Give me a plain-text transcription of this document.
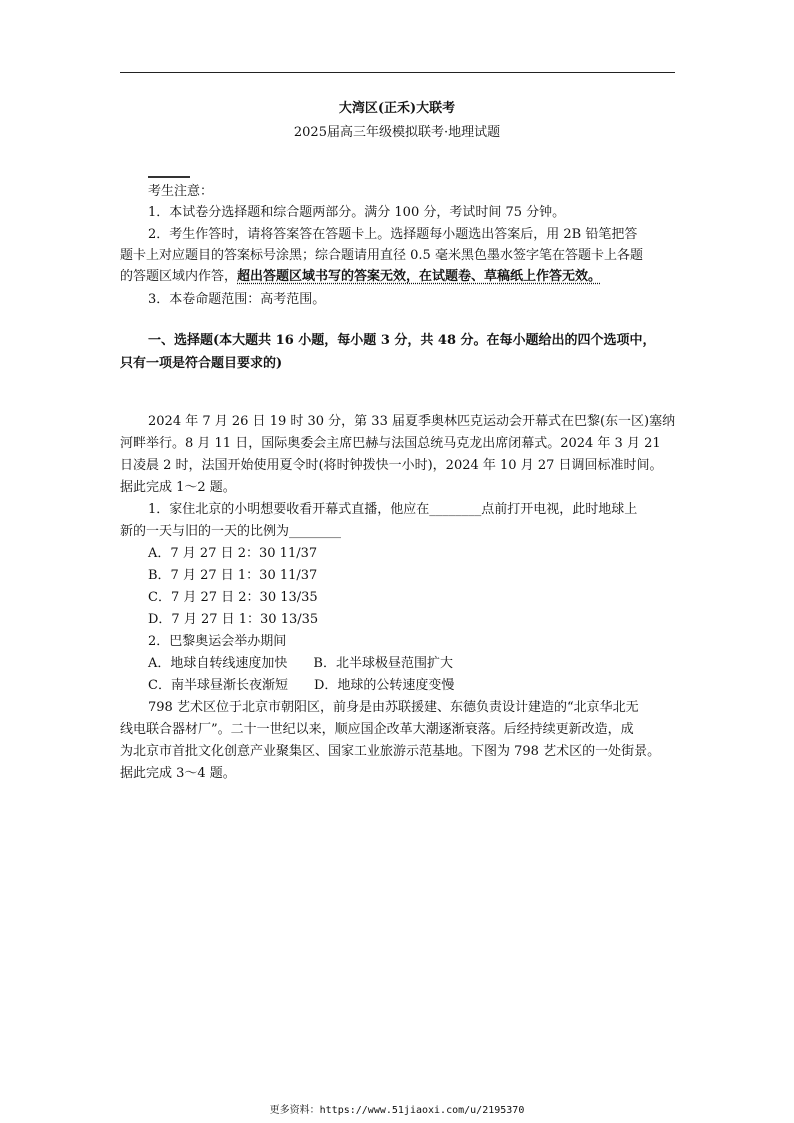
大湾区(正禾)大联考
2025届高三年级模拟联考·地理试题
考生注意：
1．本试卷分选择题和综合题两部分。满分 100 分，考试时间 75 分钟。
2．考生作答时，请将答案答在答题卡上。选择题每小题选出答案后，用 2B 铅笔把答
题卡上对应题目的答案标号涂黑；综合题请用直径 0.5 毫米黑色墨水签字笔在答题卡上各题
的答题区域内作答，超出答题区域书写的答案无效，在试题卷、草稿纸上作答无效。
3．本卷命题范围：高考范围。
一、选择题(本大题共 16 小题，每小题 3 分，共 48 分。在每小题给出的四个选项中，
只有一项是符合题目要求的)
2024 年 7 月 26 日 19 时 30 分，第 33 届夏季奥林匹克运动会开幕式在巴黎(东一区)塞纳
河畔举行。8 月 11 日，国际奥委会主席巴赫与法国总统马克龙出席闭幕式。2024 年 3 月 21
日凌晨 2 时，法国开始使用夏令时(将时钟拨快一小时)，2024 年 10 月 27 日调回标准时间。
据此完成 1～2 题。
1．家住北京的小明想要收看开幕式直播，他应在________点前打开电视，此时地球上
新的一天与旧的一天的比例为________
A．7 月 27 日 2：30 11/37
B．7 月 27 日 1：30 11/37
C．7 月 27 日 2：30 13/35
D．7 月 27 日 1：30 13/35
2．巴黎奥运会举办期间
A．地球自转线速度加快 B．北半球极昼范围扩大
C．南半球昼渐长夜渐短 D．地球的公转速度变慢
798 艺术区位于北京市朝阳区，前身是由苏联援建、东德负责设计建造的“北京华北无
线电联合器材厂”。二十一世纪以来，顺应国企改革大潮逐渐衰落。后经持续更新改造，成
为北京市首批文化创意产业聚集区、国家工业旅游示范基地。下图为 798 艺术区的一处街景。
据此完成 3～4 题。
更多资料：https://www.51jiaoxi.com/u/2195370
